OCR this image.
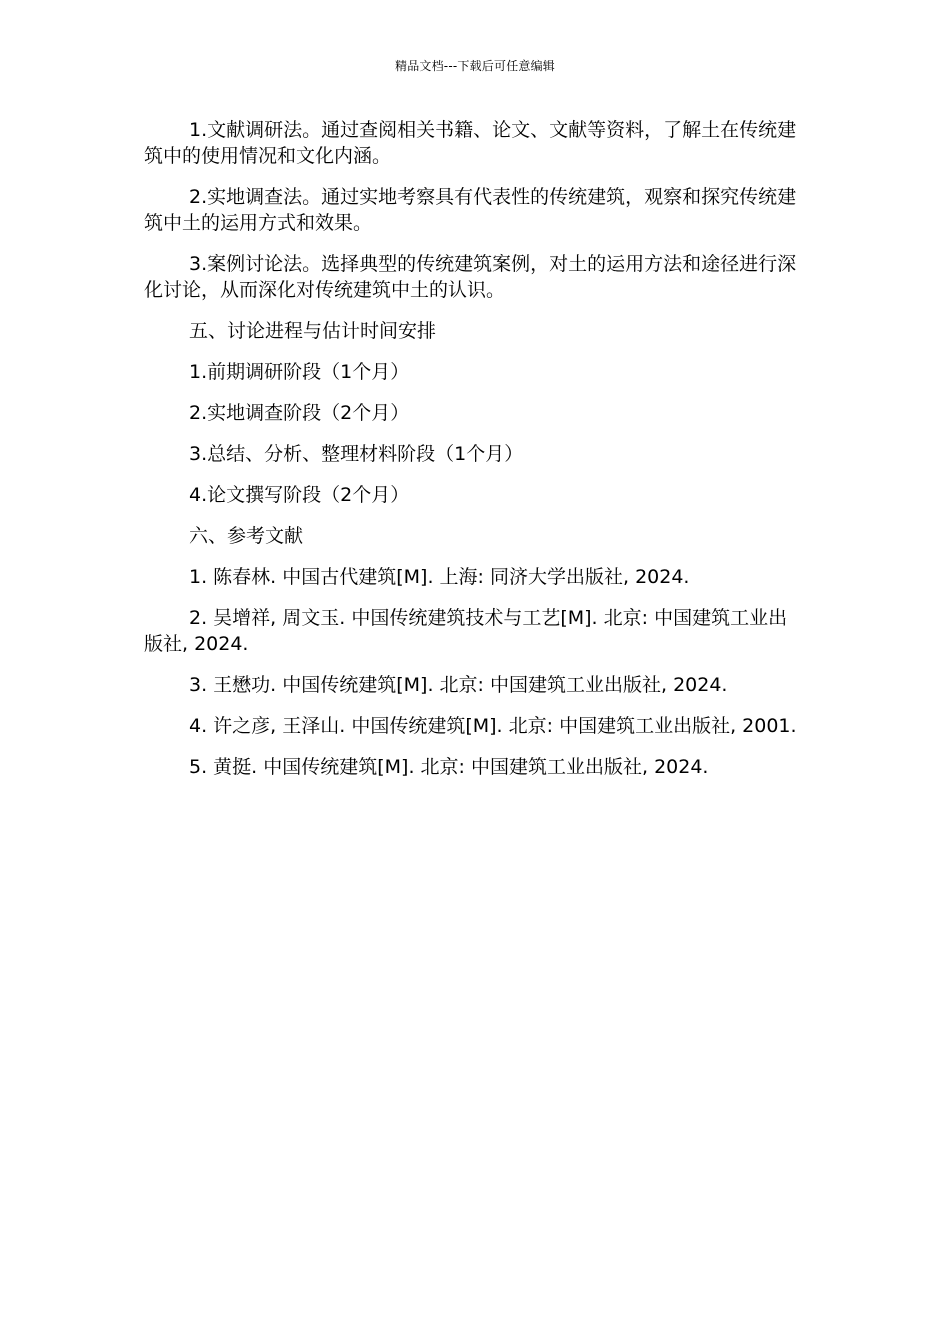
精品文档---下载后可任意编辑

1.文献调研法。通过查阅相关书籍、论文、文献等资料，了解土在传统建筑中的使用情况和文化内涵。

2.实地调查法。通过实地考察具有代表性的传统建筑，观察和探究传统建筑中土的运用方式和效果。

3.案例讨论法。选择典型的传统建筑案例，对土的运用方法和途径进行深化讨论，从而深化对传统建筑中土的认识。

五、讨论进程与估计时间安排

1.前期调研阶段（1个月）

2.实地调查阶段（2个月）

3.总结、分析、整理材料阶段（1个月）

4.论文撰写阶段（2个月）

六、参考文献

1. 陈春林. 中国古代建筑[M]. 上海: 同济大学出版社, 2024.

2. 吴增祥, 周文玉. 中国传统建筑技术与工艺[M]. 北京: 中国建筑工业出版社, 2024.

3. 王懋功. 中国传统建筑[M]. 北京: 中国建筑工业出版社, 2024.

4. 许之彦, 王泽山. 中国传统建筑[M]. 北京: 中国建筑工业出版社, 2001.

5. 黄挺. 中国传统建筑[M]. 北京: 中国建筑工业出版社, 2024.
